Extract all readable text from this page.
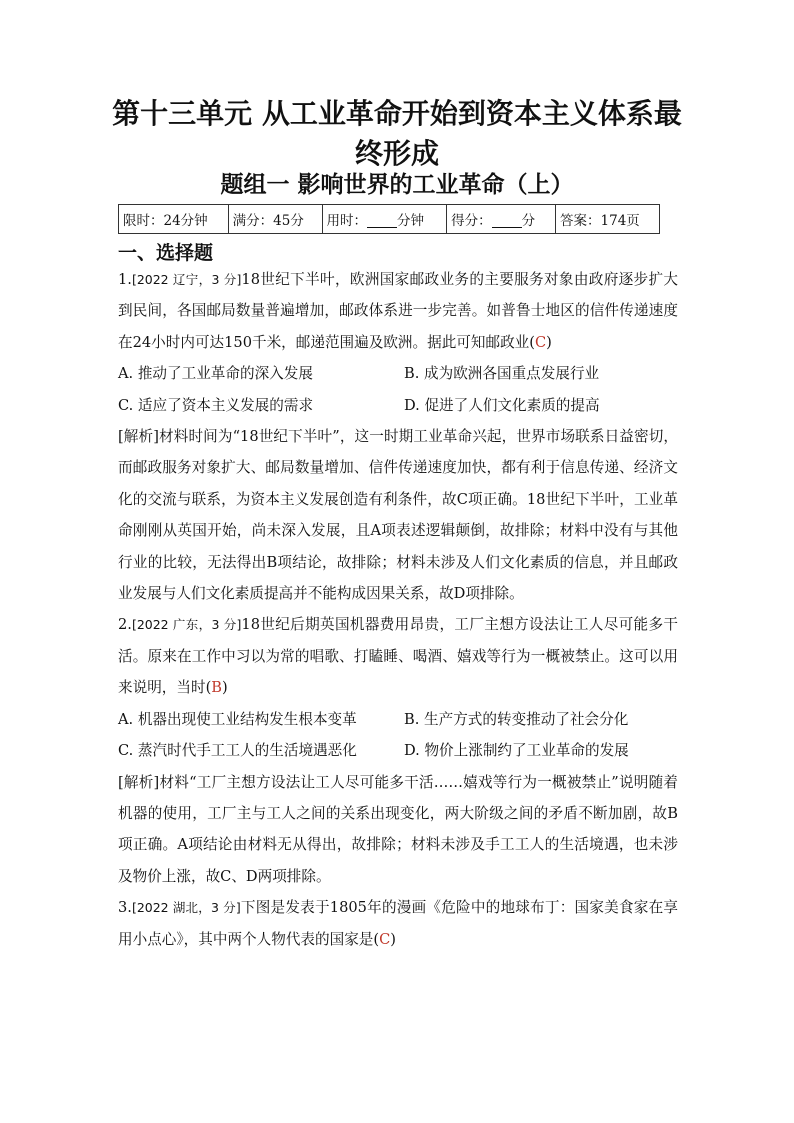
第十三单元 从工业革命开始到资本主义体系最
终形成
题组一 影响世界的工业革命（上）
限时：24分钟	满分：45分	用时： 分钟	得分： 分	答案：174页
一、选择题

1.[2022 辽宁，3 分]18世纪下半叶，欧洲国家邮政业务的主要服务对象由政府逐步扩大到民间，各国邮局数量普遍增加，邮政体系进一步完善。如普鲁士地区的信件传递速度在24小时内可达150千米，邮递范围遍及欧洲。据此可知邮政业(C)

A. 推动了工业革命的深入发展	B. 成为欧洲各国重点发展行业
C. 适应了资本主义发展的需求	D. 促进了人们文化素质的提高

[解析]材料时间为“18世纪下半叶”，这一时期工业革命兴起，世界市场联系日益密切，而邮政服务对象扩大、邮局数量增加、信件传递速度加快，都有利于信息传递、经济文化的交流与联系，为资本主义发展创造有利条件，故C项正确。18世纪下半叶，工业革命刚刚从英国开始，尚未深入发展，且A项表述逻辑颠倒，故排除；材料中没有与其他行业的比较，无法得出B项结论，故排除；材料未涉及人们文化素质的信息，并且邮政业发展与人们文化素质提高并不能构成因果关系，故D项排除。

2.[2022 广东，3 分]18世纪后期英国机器费用昂贵，工厂主想方设法让工人尽可能多干活。原来在工作中习以为常的唱歌、打瞌睡、喝酒、嬉戏等行为一概被禁止。这可以用来说明，当时(B)

A. 机器出现使工业结构发生根本变革	B. 生产方式的转变推动了社会分化
C. 蒸汽时代手工工人的生活境遇恶化	D. 物价上涨制约了工业革命的发展

[解析]材料“工厂主想方设法让工人尽可能多干活……嬉戏等行为一概被禁止”说明随着机器的使用，工厂主与工人之间的关系出现变化，两大阶级之间的矛盾不断加剧，故B项正确。A项结论由材料无从得出，故排除；材料未涉及手工工人的生活境遇，也未涉及物价上涨，故C、D两项排除。

3.[2022 湖北，3 分]下图是发表于1805年的漫画《危险中的地球布丁：国家美食家在享用小点心》，其中两个人物代表的国家是(C)
